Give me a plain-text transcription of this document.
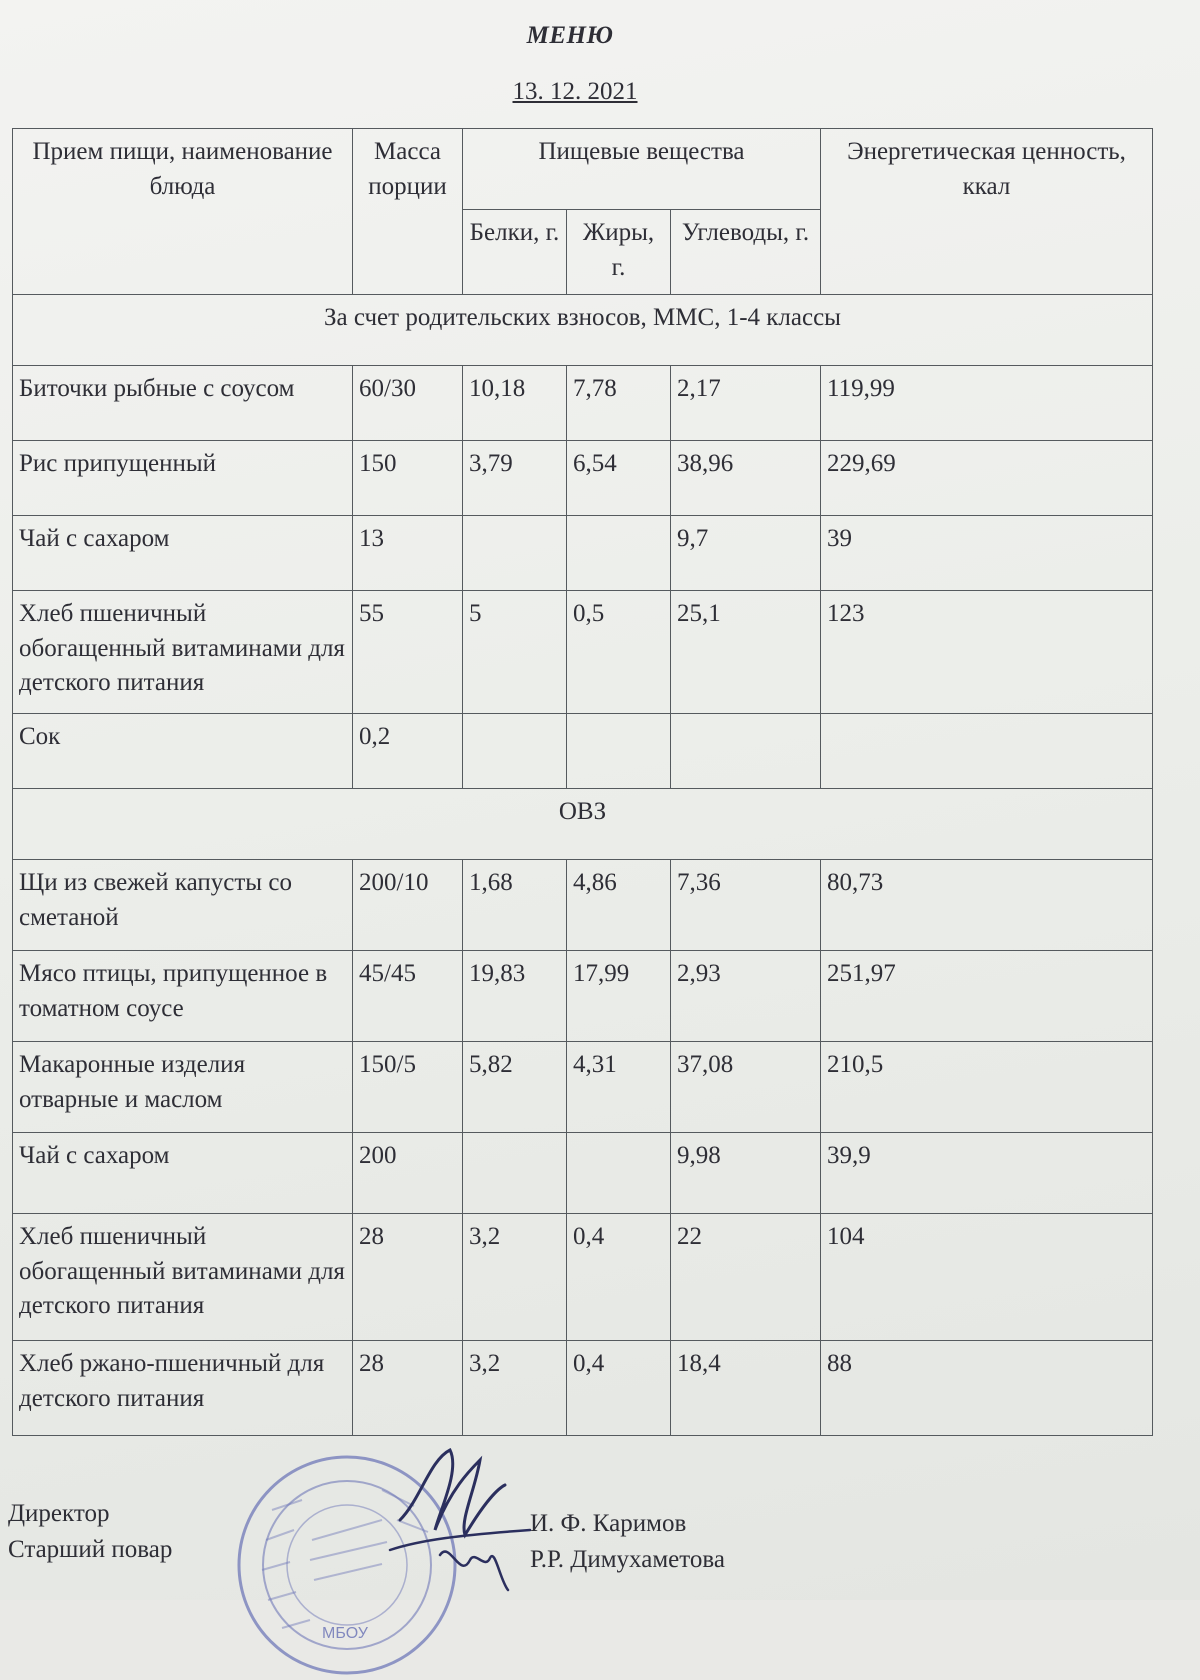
МЕНЮ
13. 12. 2021
Прием пищи, наименование блюда	Масса порции	Пищевые вещества			Энергетическая ценность, ккал
		Белки, г.	Жиры, г.	Углеводы, г.	
За счет родительских взносов, ММС, 1-4 классы					
Биточки рыбные с соусом	60/30	10,18	7,78	2,17	119,99
Рис припущенный	150	3,79	6,54	38,96	229,69
Чай с сахаром	13			9,7	39
Хлеб пшеничный обогащенный витаминами для детского питания	55	5	0,5	25,1	123
Сок	0,2				
ОВЗ					
Щи из свежей капусты со сметаной	200/10	1,68	4,86	7,36	80,73
Мясо птицы, припущенное в томатном соусе	45/45	19,83	17,99	2,93	251,97
Макаронные изделия отварные и маслом	150/5	5,82	4,31	37,08	210,5
Чай с сахаром	200			9,98	39,9
Хлеб пшеничный обогащенный витаминами для детского питания	28	3,2	0,4	22	104
Хлеб ржано-пшеничный для детского питания	28	3,2	0,4	18,4	88
МБОУ
Директор
Старший повар
И. Ф. Каримов
Р.Р. Димухаметова
